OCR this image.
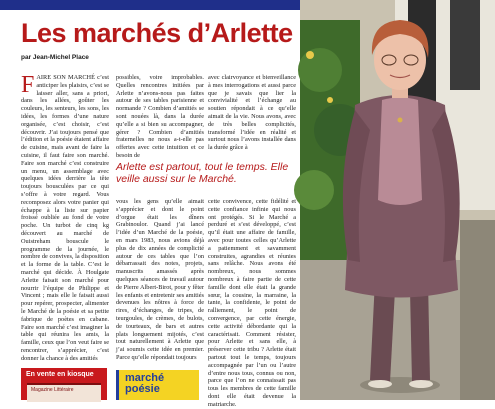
Les marchés d’Arlette

par Jean-Michel Place

FAIRE SON MARCHÉ c’est anticiper les plaisirs, c’est se laisser aller, sans a priori, dans les allées, goûter les couleurs, les senteurs, les sons, les idées, les formes d’une nature organisée, c’est choisir, c’est découvrir. J’ai toujours pensé que l’édition et la poésie étaient affaire de cuisine, mais avant de faire la cuisine, il faut faire son marché. Faire son marché c’est construire un menu, un assemblage avec quelques idées derrière la tête toujours bousculées par ce qui s’offre à votre regard. Vous recomposez alors votre panier qui échappe à la liste sur papier froissé oubliée au fond de votre poche. Un turbot de cinq kg découvert au marché de Ouistreham bouscule le programme de la journée, le nombre de convives, la disposition et la forme de la table. C’est le marché qui décide. À Houlgate Arlette faisait son marché pour nourrir l’équipe de Philippe et Vincent ; mais elle le faisait aussi pour repérer, prospecter, alimenter le Marché de la poésie et sa petite fabrique de poètes en cabane. Faire son marché c’est imaginer la table qui réunira les amis, la famille, ceux que l’on veut faire se rencontrer, s’apprécier, c’est donner la chance à des amitiés
possibles, voire improbables. Quelles rencontres initiées par Arlette n’avons-nous pas faites autour de ses tables parisienne et normande ? Combien d’amitiés se sont nouées là, dans la durée qu’elle a si bien su accompagner, gérer ? Combien d’amitiés fraternelles ne nous a-t-elle pas offertes avec cette intuition et ce besoin de
avec clairvoyance et bienveillance à mes interrogations et aussi parce que je savais que lier la convivialité et l’échange au soutien répondait à ce qu’elle aimait de la vie. Nous avons, avec de très belles complicités, transformé l’idée en réalité et surtout nous l’avons installée dans la durée grâce à

Arlette est partout, tout le temps. Elle veille aussi sur le Marché.

vous les gens qu’elle aimait s’apprécier et dont le point d’orgue était les dîners Grabinoulor. Quand j’ai lancé l’idée d’un Marché de la poésie, en mars 1983, nous avions déjà plus de dix années de complicité autour de ces tables que l’on débarrassait des notes, projets, manuscrits amassés après quelques séances de travail autour de Pierre Albert-Birot, pour y fêter les enfants et entretenir ses amitiés devenues les nôtres à force de rires, d’échanges, de tripes, de teurgoules, de crèmes, de bulots, de tourteaux, de bars et autres plats longuement mijotés, c’est tout naturellement à Arlette que j’ai soumis cette idée en premier. Parce qu’elle répondait toujours
cette convivence, cette fidélité et cette confiance infinie qui nous ont protégés. Si le Marché a perduré et s’est développé, c’est qu’il était une affaire de famille, avec pour toutes celles qu’Arlette a patiemment et savamment construites, agrandies et réunies sans relâche. Nous avons été nombreux, nous sommes nombreux à faire partie de cette famille dont elle était la grande sœur, la cousine, la marraine, la tante, la confidente, le point de ralliement, le point de convergence, par cette énergie, cette activité débordante qui la caractérisait. Comment résister, pour Arlette et sans elle, à préserver cette tribu ? Arlette était partout tout le temps, toujours accompagnée par l’un ou l’autre d’entre nous tous, connus ou non, parce que l’on ne connaissait pas tous les membres de cette famille dont elle était devenue la matriarche.
En vente en kiosque
Magazine Littéraire

marché
poésie
